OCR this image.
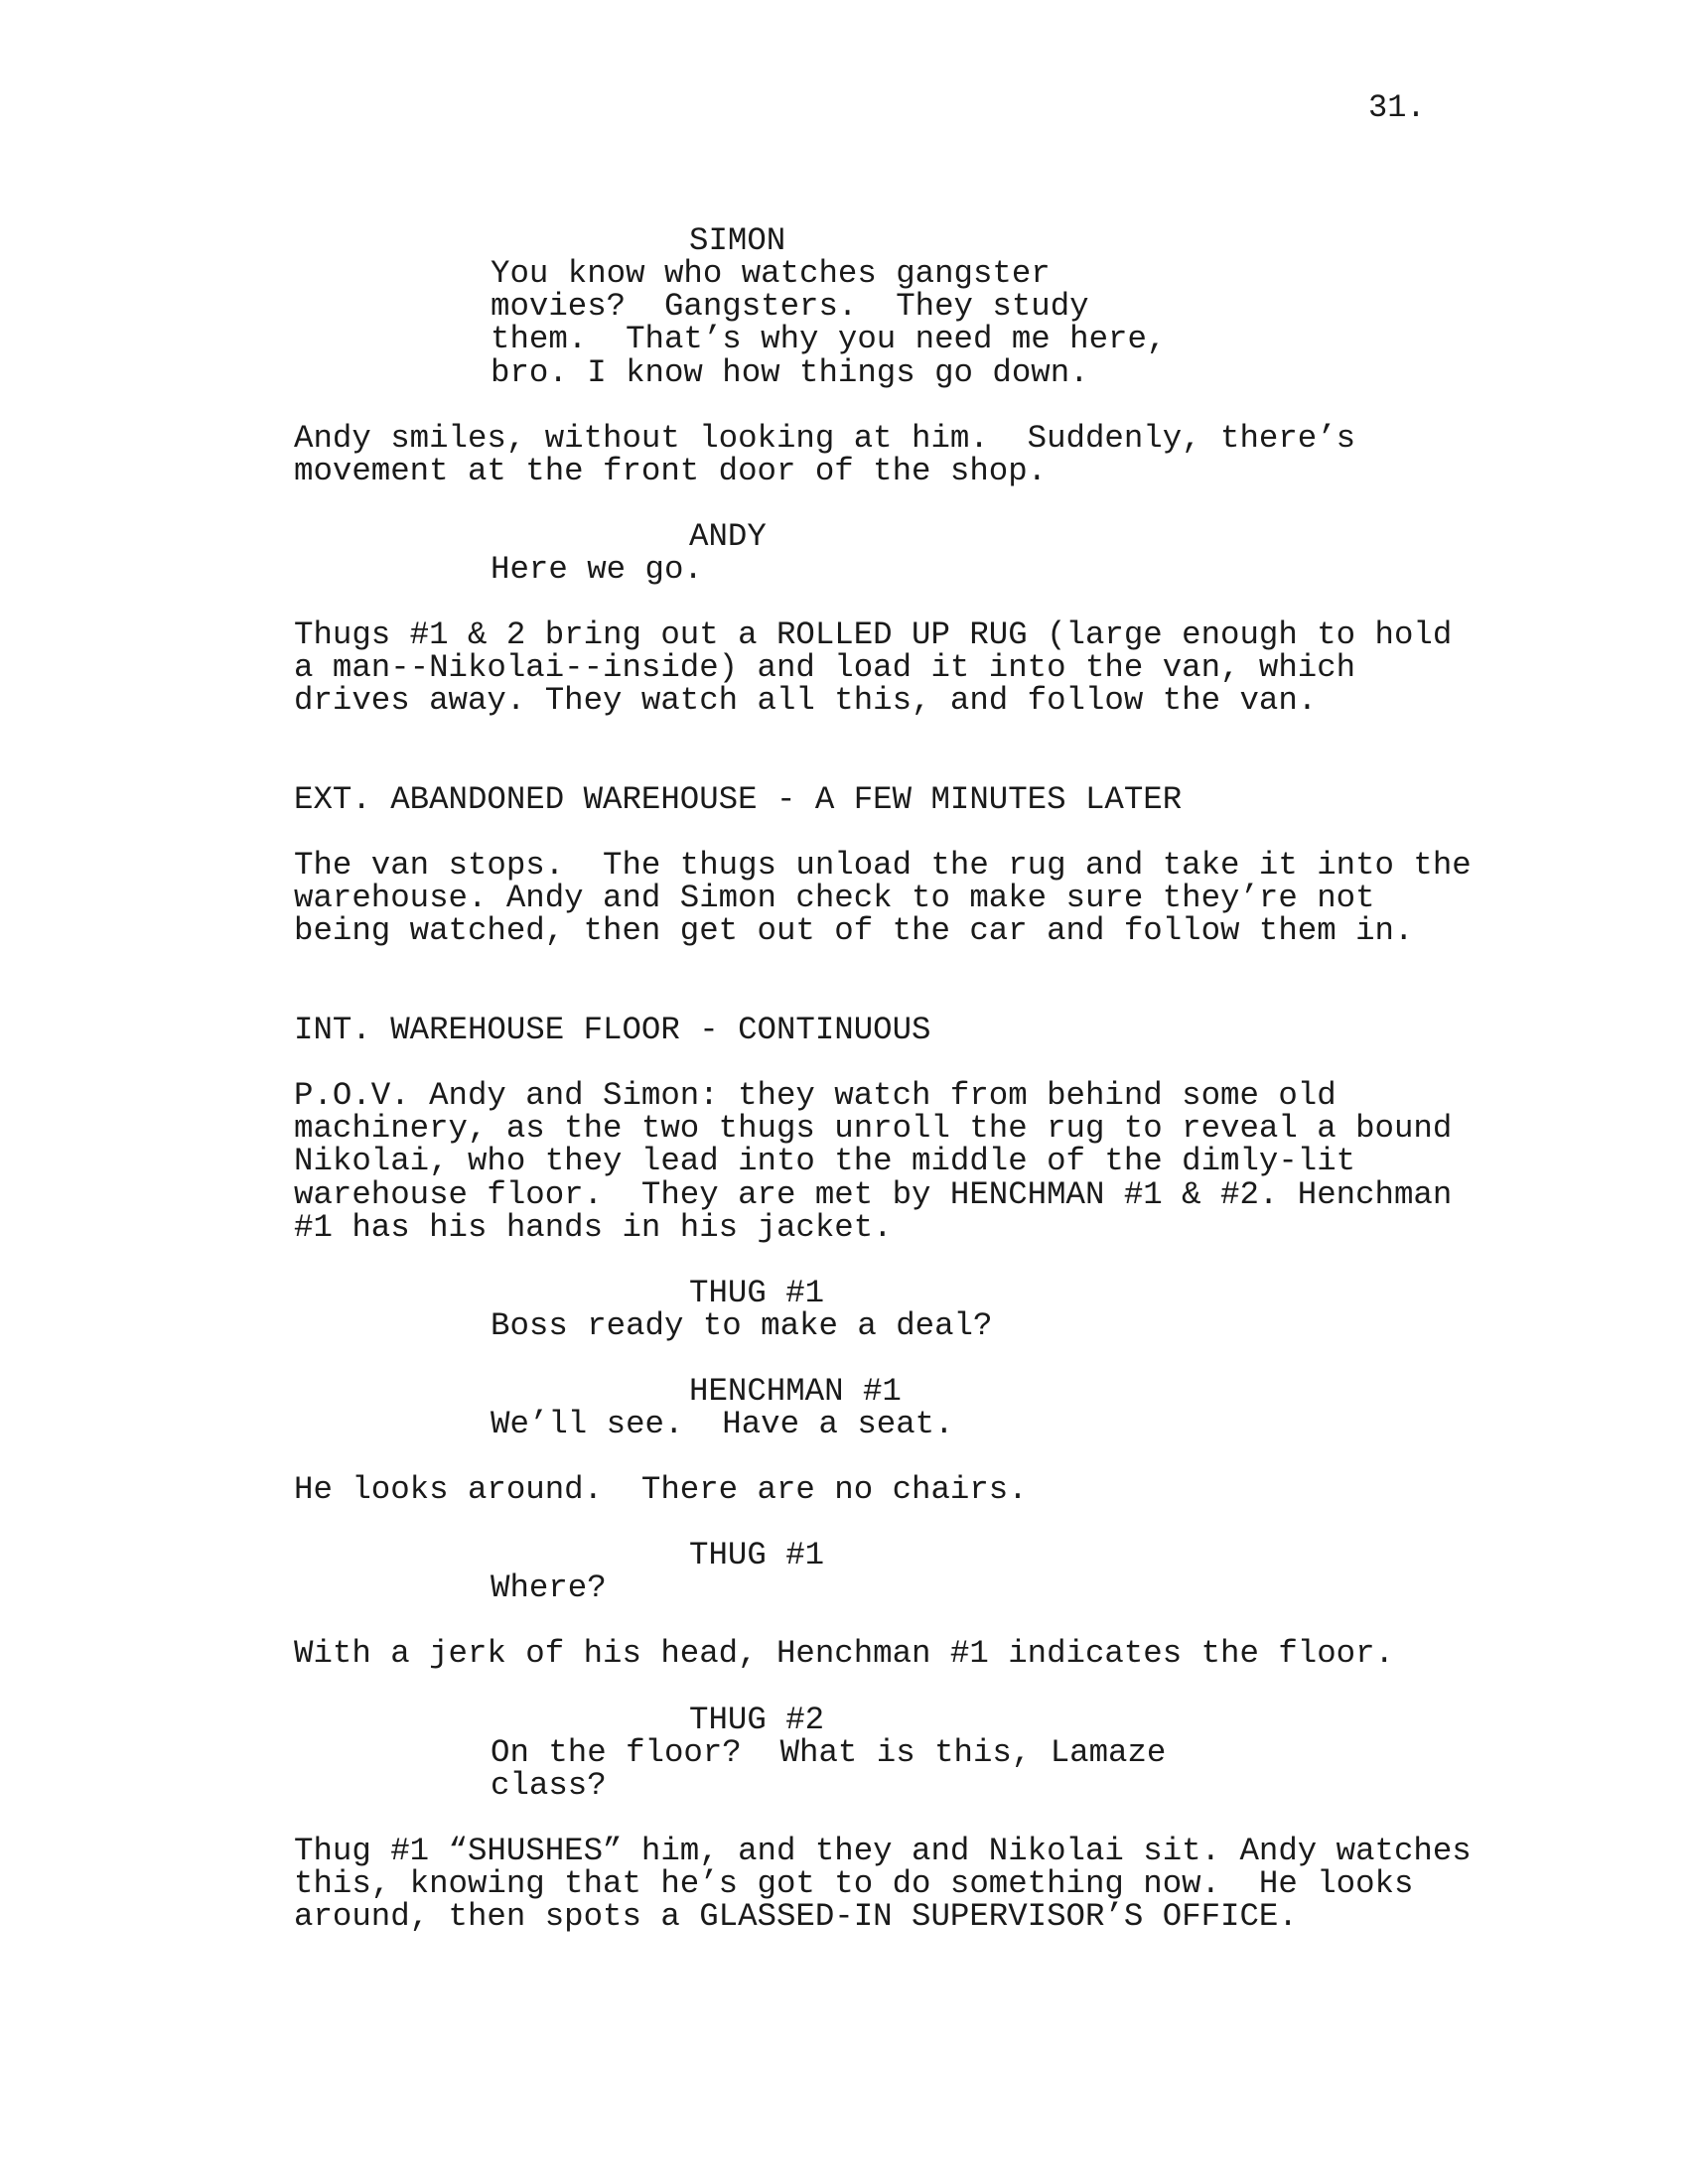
31.

SIMON

You know who watches gangster
movies?  Gangsters.  They study
them.  That’s why you need me here,
bro. I know how things go down.

Andy smiles, without looking at him.  Suddenly, there’s
movement at the front door of the shop.

ANDY

Here we go.

Thugs #1 & 2 bring out a ROLLED UP RUG (large enough to hold
a man--Nikolai--inside) and load it into the van, which
drives away. They watch all this, and follow the van.

EXT. ABANDONED WAREHOUSE - A FEW MINUTES LATER

The van stops.  The thugs unload the rug and take it into the
warehouse. Andy and Simon check to make sure they’re not
being watched, then get out of the car and follow them in.

INT. WAREHOUSE FLOOR - CONTINUOUS

P.O.V. Andy and Simon: they watch from behind some old
machinery, as the two thugs unroll the rug to reveal a bound
Nikolai, who they lead into the middle of the dimly-lit
warehouse floor.  They are met by HENCHMAN #1 & #2. Henchman
#1 has his hands in his jacket.

THUG #1

Boss ready to make a deal?

HENCHMAN #1

We’ll see.  Have a seat.

He looks around.  There are no chairs.

THUG #1

Where?

With a jerk of his head, Henchman #1 indicates the floor.

THUG #2

On the floor?  What is this, Lamaze
class?

Thug #1 “SHUSHES” him, and they and Nikolai sit. Andy watches
this, knowing that he’s got to do something now.  He looks
around, then spots a GLASSED-IN SUPERVISOR’S OFFICE.
